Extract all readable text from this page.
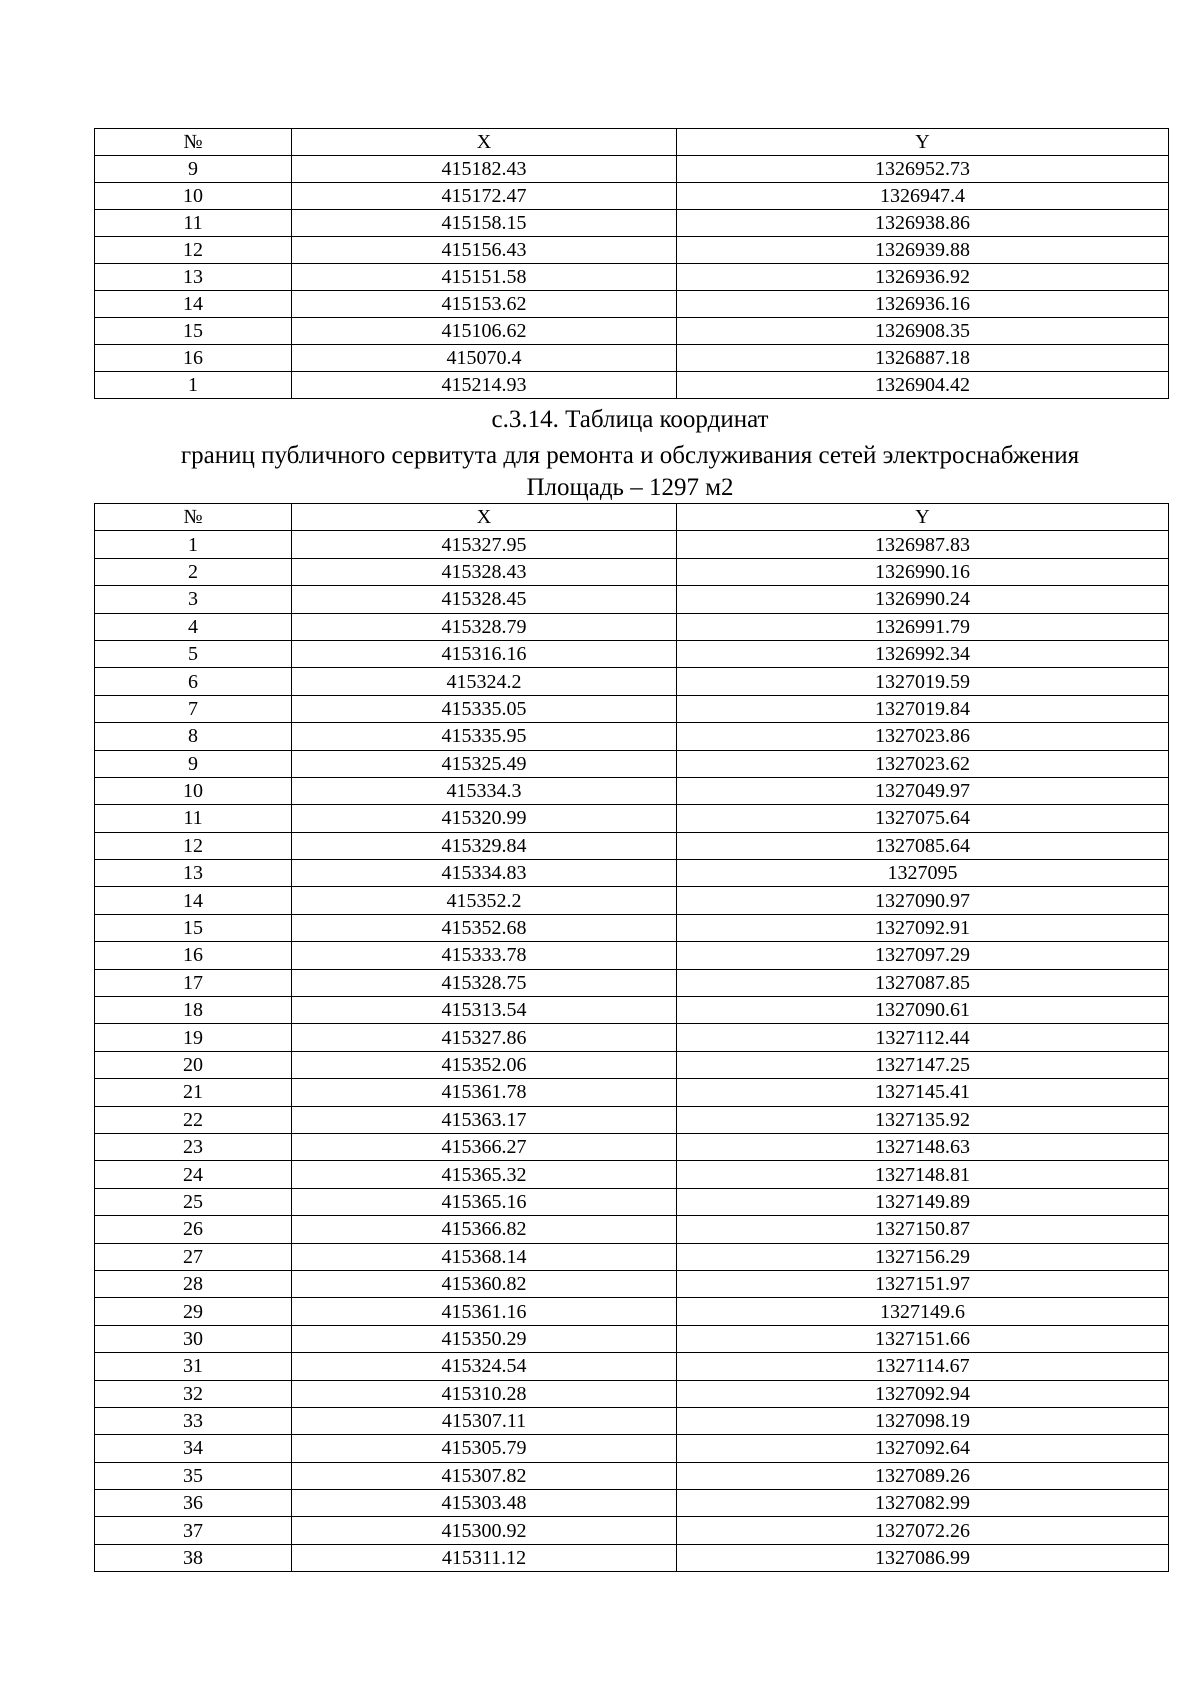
№	X	Y
9	415182.43	1326952.73
10	415172.47	1326947.4
11	415158.15	1326938.86
12	415156.43	1326939.88
13	415151.58	1326936.92
14	415153.62	1326936.16
15	415106.62	1326908.35
16	415070.4	1326887.18
1	415214.93	1326904.42
с.3.14. Таблица координат
границ публичного сервитута для ремонта и обслуживания сетей электроснабжения
Площадь – 1297 м2
№	X	Y
1	415327.95	1326987.83
2	415328.43	1326990.16
3	415328.45	1326990.24
4	415328.79	1326991.79
5	415316.16	1326992.34
6	415324.2	1327019.59
7	415335.05	1327019.84
8	415335.95	1327023.86
9	415325.49	1327023.62
10	415334.3	1327049.97
11	415320.99	1327075.64
12	415329.84	1327085.64
13	415334.83	1327095
14	415352.2	1327090.97
15	415352.68	1327092.91
16	415333.78	1327097.29
17	415328.75	1327087.85
18	415313.54	1327090.61
19	415327.86	1327112.44
20	415352.06	1327147.25
21	415361.78	1327145.41
22	415363.17	1327135.92
23	415366.27	1327148.63
24	415365.32	1327148.81
25	415365.16	1327149.89
26	415366.82	1327150.87
27	415368.14	1327156.29
28	415360.82	1327151.97
29	415361.16	1327149.6
30	415350.29	1327151.66
31	415324.54	1327114.67
32	415310.28	1327092.94
33	415307.11	1327098.19
34	415305.79	1327092.64
35	415307.82	1327089.26
36	415303.48	1327082.99
37	415300.92	1327072.26
38	415311.12	1327086.99
